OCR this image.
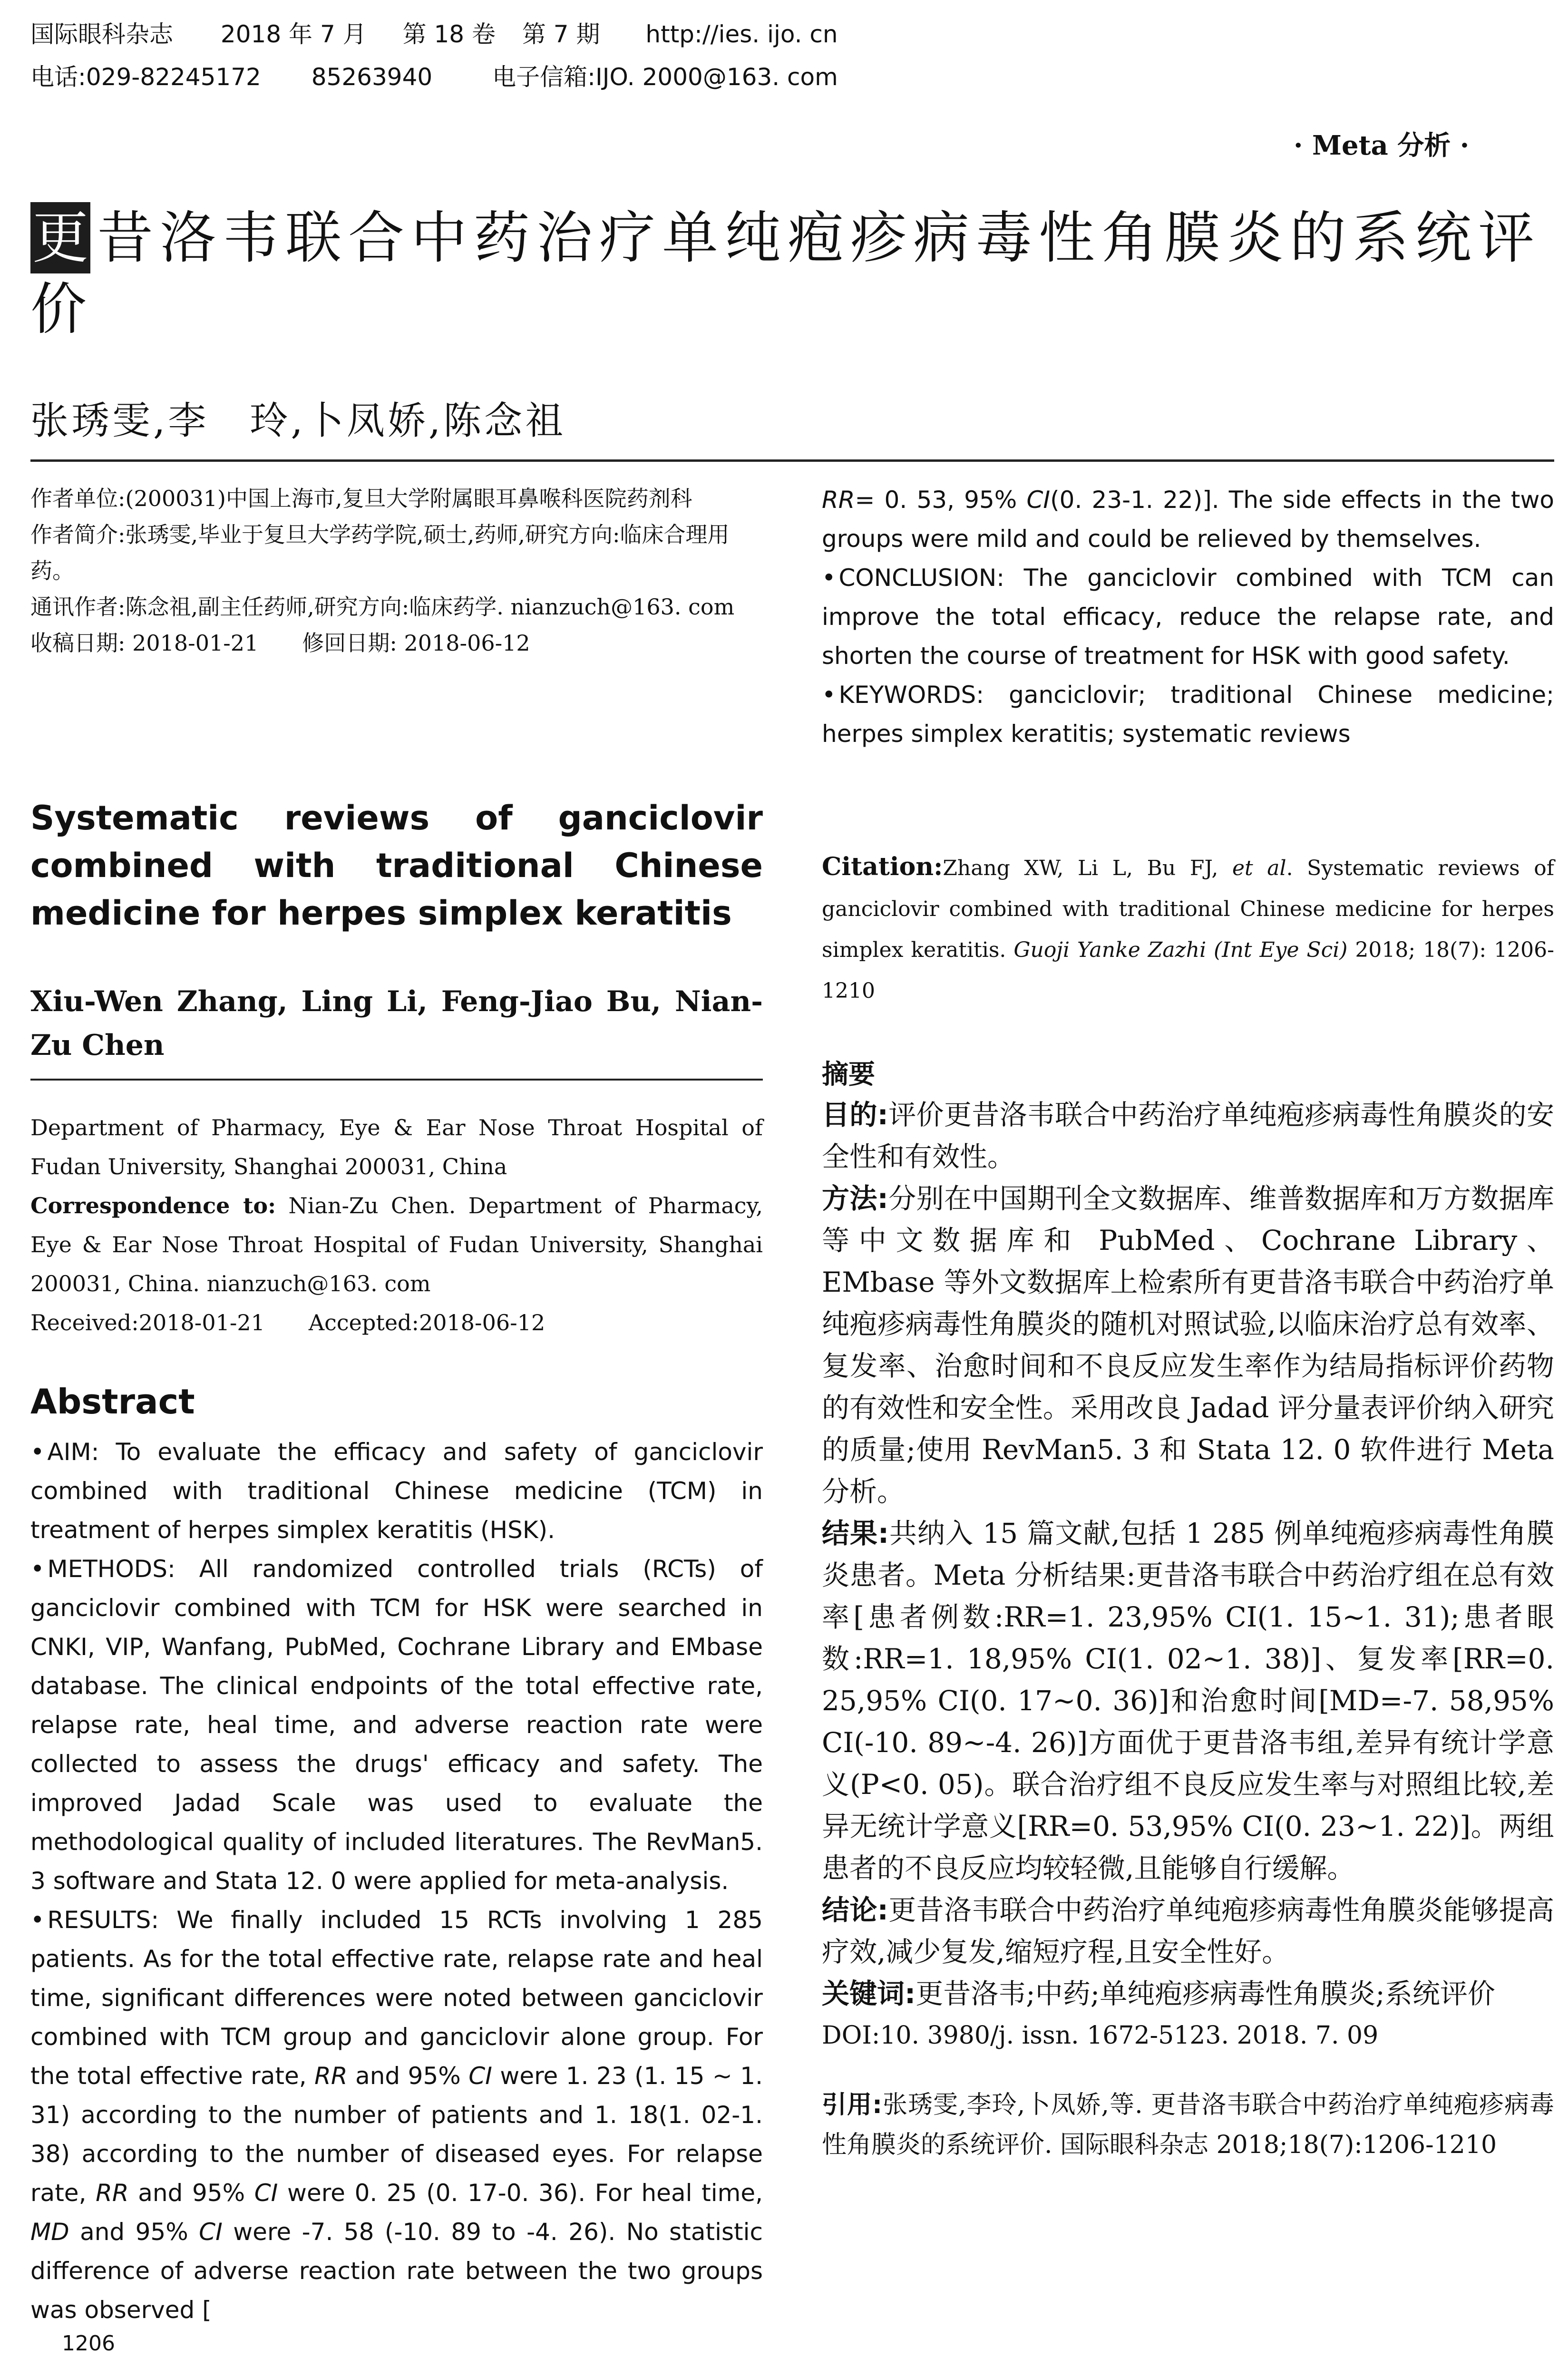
国际眼科杂志 2018 年 7 月 第 18 卷 第 7 期 http://ies. ijo. cn
电话:029-82245172 85263940	电子信箱:IJO. 2000@163. com
· Meta 分析 ·
更 昔洛韦联合中药治疗单纯疱疹病毒性角膜炎的系统评价
张琇雯,李　玲,卜凤娇,陈念祖
作者单位:(200031)中国上海市,复旦大学附属眼耳鼻喉科医院药剂科
作者简介:张琇雯,毕业于复旦大学药学院,硕士,药师,研究方向:临床合理用药。
通讯作者:陈念祖,副主任药师,研究方向:临床药学. nianzuch@163. com
收稿日期: 2018-01-21　　修回日期: 2018-06-12
Systematic reviews of ganciclovir combined with traditional Chinese medicine for herpes simplex keratitis
Xiu-Wen Zhang, Ling Li, Feng-Jiao Bu, Nian-Zu Chen
Department of Pharmacy, Eye & Ear Nose Throat Hospital of Fudan University, Shanghai 200031, China
Correspondence to: Nian-Zu Chen. Department of Pharmacy, Eye & Ear Nose Throat Hospital of Fudan University, Shanghai 200031, China. nianzuch@163. com
Received:2018-01-21　　Accepted:2018-06-12
Abstract

• AIM: To evaluate the efficacy and safety of ganciclovir combined with traditional Chinese medicine (TCM) in treatment of herpes simplex keratitis (HSK).

• METHODS: All randomized controlled trials (RCTs) of ganciclovir combined with TCM for HSK were searched in CNKI, VIP, Wanfang, PubMed, Cochrane Library and EMbase database. The clinical endpoints of the total effective rate, relapse rate, heal time, and adverse reaction rate were collected to assess the drugs' efficacy and safety. The improved Jadad Scale was used to evaluate the methodological quality of included literatures. The RevMan5. 3 software and Stata 12. 0 were applied for meta-analysis.

• RESULTS: We finally included 15 RCTs involving 1 285 patients. As for the total effective rate, relapse rate and heal time, significant differences were noted between ganciclovir combined with TCM group and ganciclovir alone group. For the total effective rate, RR and 95% CI were 1. 23 (1. 15 ~ 1. 31) according to the number of patients and 1. 18(1. 02-1. 38) according to the number of diseased eyes. For relapse rate, RR and 95% CI were 0. 25 (0. 17-0. 36). For heal time, MD and 95% CI were -7. 58 (-10. 89 to -4. 26). No statistic difference of adverse reaction rate between the two groups was observed [

1206

RR= 0. 53, 95% CI(0. 23-1. 22)]. The side effects in the two groups were mild and could be relieved by themselves.

• CONCLUSION: The ganciclovir combined with TCM can improve the total efficacy, reduce the relapse rate, and shorten the course of treatment for HSK with good safety.

• KEYWORDS: ganciclovir; traditional Chinese medicine; herpes simplex keratitis; systematic reviews

Citation:Zhang XW, Li L, Bu FJ, et al. Systematic reviews of ganciclovir combined with traditional Chinese medicine for herpes simplex keratitis. Guoji Yanke Zazhi (Int Eye Sci) 2018; 18(7): 1206-1210
摘要

目的:评价更昔洛韦联合中药治疗单纯疱疹病毒性角膜炎的安全性和有效性。

方法:分别在中国期刊全文数据库、维普数据库和万方数据库等中文数据库和 PubMed、Cochrane Library、EMbase 等外文数据库上检索所有更昔洛韦联合中药治疗单纯疱疹病毒性角膜炎的随机对照试验,以临床治疗总有效率、复发率、治愈时间和不良反应发生率作为结局指标评价药物的有效性和安全性。采用改良 Jadad 评分量表评价纳入研究的质量;使用 RevMan5. 3 和 Stata 12. 0 软件进行 Meta 分析。

结果:共纳入 15 篇文献,包括 1 285 例单纯疱疹病毒性角膜炎患者。Meta 分析结果:更昔洛韦联合中药治疗组在总有效率[患者例数:RR=1. 23,95% CI(1. 15~1. 31);患者眼数:RR=1. 18,95% CI(1. 02~1. 38)]、复发率[RR=0. 25,95% CI(0. 17~0. 36)]和治愈时间[MD=-7. 58,95% CI(-10. 89~-4. 26)]方面优于更昔洛韦组,差异有统计学意义(P<0. 05)。联合治疗组不良反应发生率与对照组比较,差异无统计学意义[RR=0. 53,95% CI(0. 23~1. 22)]。两组患者的不良反应均较轻微,且能够自行缓解。

结论:更昔洛韦联合中药治疗单纯疱疹病毒性角膜炎能够提高疗效,减少复发,缩短疗程,且安全性好。

关键词:更昔洛韦;中药;单纯疱疹病毒性角膜炎;系统评价

DOI:10. 3980/j. issn. 1672-5123. 2018. 7. 09

引用:张琇雯,李玲,卜凤娇,等. 更昔洛韦联合中药治疗单纯疱疹病毒性角膜炎的系统评价. 国际眼科杂志 2018;18(7):1206-1210
